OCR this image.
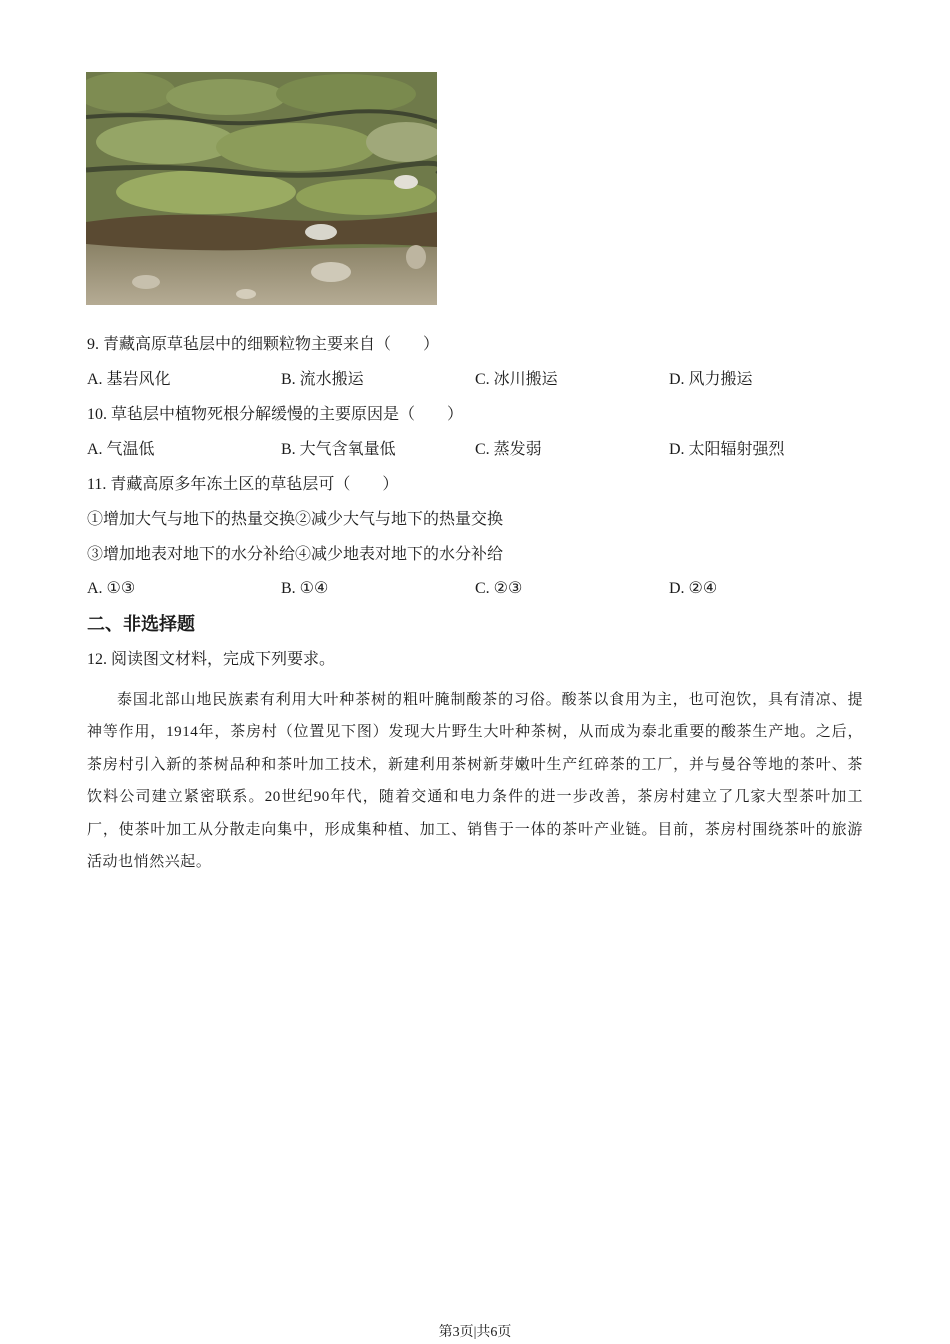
9. 青藏高原草毡层中的细颗粒物主要来自（　　）
A. 基岩风化	B. 流水搬运	C. 冰川搬运	D. 风力搬运
10. 草毡层中植物死根分解缓慢的主要原因是（　　）
A. 气温低	B. 大气含氧量低	C. 蒸发弱	D. 太阳辐射强烈
11. 青藏高原多年冻土区的草毡层可（　　）
①增加大气与地下的热量交换②减少大气与地下的热量交换
③增加地表对地下的水分补给④减少地表对地下的水分补给
A. ①③	B. ①④	C. ②③	D. ②④
二、非选择题
12. 阅读图文材料，完成下列要求。
泰国北部山地民族素有利用大叶种茶树的粗叶腌制酸茶的习俗。酸茶以食用为主，也可泡饮，具有清凉、提神等作用，1914年，茶房村（位置见下图）发现大片野生大叶种茶树，从而成为泰北重要的酸茶生产地。之后，茶房村引入新的茶树品种和茶叶加工技术，新建利用茶树新芽嫩叶生产红碎茶的工厂，并与曼谷等地的茶叶、茶饮料公司建立紧密联系。20世纪90年代，随着交通和电力条件的进一步改善，茶房村建立了几家大型茶叶加工厂，使茶叶加工从分散走向集中，形成集种植、加工、销售于一体的茶叶产业链。目前，茶房村围绕茶叶的旅游活动也悄然兴起。
第3页|共6页
